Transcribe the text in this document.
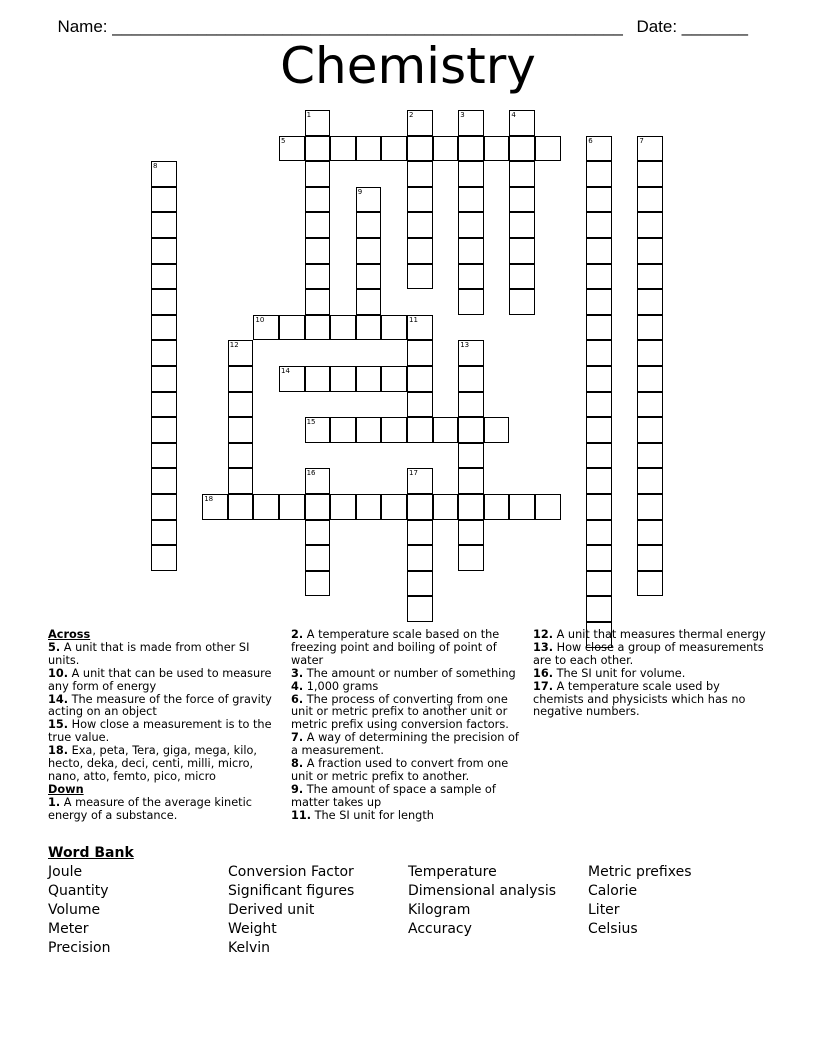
Name: ______________________________________________________ Date: _______

Chemistry
1	2	3	4
5	6	7
8
9
10	11
12	13
14
15
16	17
18
Across
5. A unit that is made from other SI units.
10. A unit that can be used to measure any form of energy
14. The measure of the force of gravity acting on an object
15. How close a measurement is to the true value.
18. Exa, peta, Tera, giga, mega, kilo, hecto, deka, deci, centi, milli, micro, nano, atto, femto, pico, micro
Down
1. A measure of the average kinetic energy of a substance.
2. A temperature scale based on the freezing point and boiling of point of water
3. The amount or number of something
4. 1,000 grams
6. The process of converting from one unit or metric prefix to another unit or metric prefix using conversion factors.
7. A way of determining the precision of a measurement.
8. A fraction used to convert from one unit or metric prefix to another.
9. The amount of space a sample of matter takes up
11. The SI unit for length
12. A unit that measures thermal energy
13. How close a group of measurements are to each other.
16. The SI unit for volume.
17. A temperature scale used by chemists and physicists which has no negative numbers.
Word Bank
Joule
Quantity
Volume
Meter
Precision
Conversion Factor
Significant figures
Derived unit
Weight
Kelvin
Temperature
Dimensional analysis
Kilogram
Accuracy
Metric prefixes
Calorie
Liter
Celsius
